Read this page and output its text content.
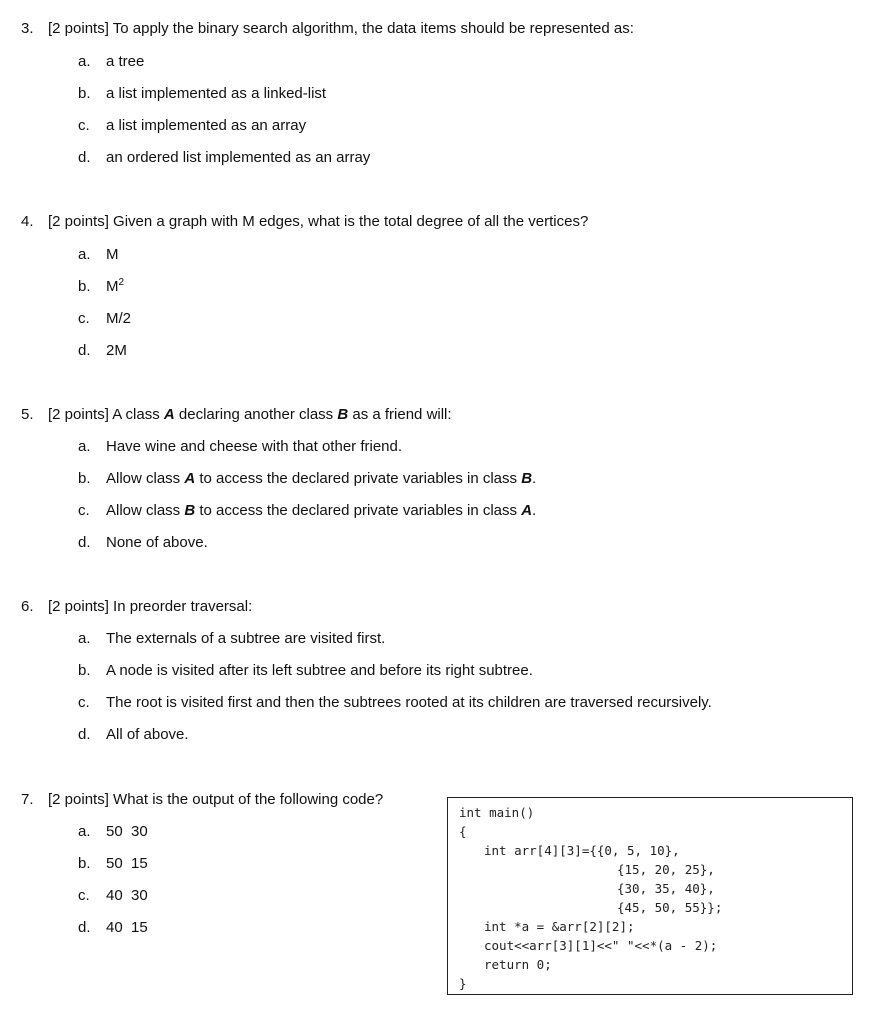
3. [2 points] To apply the binary search algorithm, the data items should be represented as:
a. a tree
b. a list implemented as a linked-list
c. a list implemented as an array
d. an ordered list implemented as an array
4. [2 points] Given a graph with M edges, what is the total degree of all the vertices?
a. M
b. $M^2$
c. M/2
d. 2M
5. [2 points] A class A declaring another class B as a friend will:
a. Have wine and cheese with that other friend.
b. Allow class A to access the declared private variables in class B.
c. Allow class B to access the declared private variables in class A.
d. None of above.
6. [2 points] In preorder traversal:
a. The externals of a subtree are visited first.
b. A node is visited after its left subtree and before its right subtree.
c. The root is visited first and then the subtrees rooted at its children are traversed recursively.
d. All of above.
7. [2 points] What is the output of the following code?
a. 50  30
b. 50  15
c. 40  30
d. 40  15
int main()
{
int arr[4][3]={{0, 5, 10},
{15, 20, 25},
{30, 35, 40},
{45, 50, 55}};
int *a = &arr[2][2];
cout<<arr[3][1]<<" "<<*(a - 2);
return 0;
}
